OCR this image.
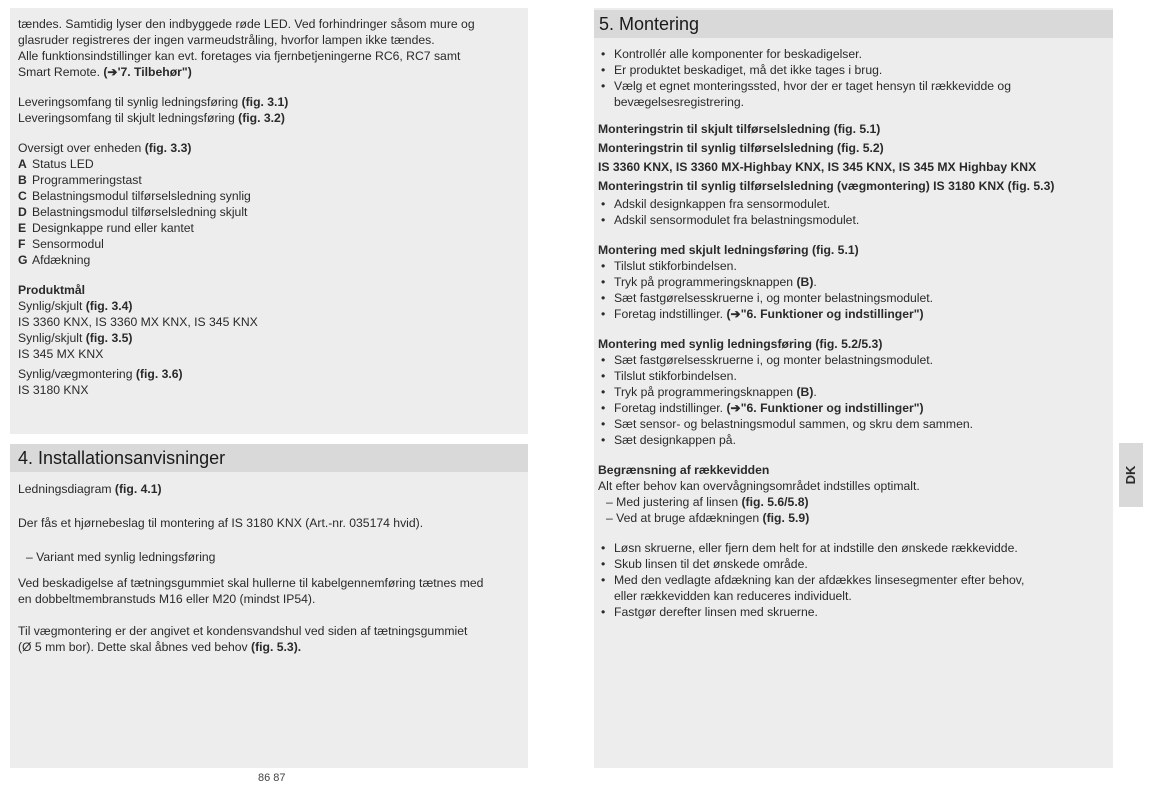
4. Installationsanvisninger

tændes. Samtidig lyser den indbyggede røde LED. Ved forhindringer såsom mure og

glasruder registreres der ingen varmeudstråling, hvorfor lampen ikke tændes.

Alle funktionsindstillinger kan evt. foretages via fjernbetjeningerne RC6, RC7 samt

Smart Remote. (➔'7. Tilbehør")

Leveringsomfang til synlig ledningsføring (fig. 3.1)

Leveringsomfang til skjult ledningsføring (fig. 3.2)

Oversigt over enheden (fig. 3.3)

A Status LED

B Programmeringstast

C Belastningsmodul tilførselsledning synlig

D Belastningsmodul tilførselsledning skjult

E Designkappe rund eller kantet

F Sensormodul

G Afdækning

Produktmål

Synlig/skjult (fig. 3.4)

IS 3360 KNX, IS 3360 MX KNX, IS 345 KNX

Synlig/skjult (fig. 3.5)

IS 345 MX KNX

Synlig/vægmontering (fig. 3.6)

IS 3180 KNX

Ledningsdiagram (fig. 4.1)

Der fås et hjørnebeslag til montering af IS 3180 KNX (Art.-nr. 035174 hvid).

– Variant med synlig ledningsføring

Ved beskadigelse af tætningsgummiet skal hullerne til kabelgennemføring tætnes med

en dobbeltmembranstuds M16 eller M20 (mindst IP54).

Til vægmontering er der angivet et kondensvandshul ved siden af tætningsgummiet

(Ø 5 mm bor). Dette skal åbnes ved behov (fig. 5.3).

86 87
5. Montering
• Kontrollér alle komponenter for beskadigelser.
• Er produktet beskadiget, må det ikke tages i brug.
• Vælg et egnet monteringssted, hvor der er taget hensyn til rækkevidde og
bevægelsesregistrering.

Monteringstrin til skjult tilførselsledning (fig. 5.1)

Monteringstrin til synlig tilførselsledning (fig. 5.2)

IS 3360 KNX, IS 3360 MX-Highbay KNX, IS 345 KNX, IS 345 MX Highbay KNX

Monteringstrin til synlig tilførselsledning (vægmontering) IS 3180 KNX (fig. 5.3)

• Adskil designkappen fra sensormodulet.
• Adskil sensormodulet fra belastningsmodulet.

Montering med skjult ledningsføring (fig. 5.1)

• Tilslut stikforbindelsen.
• Tryk på programmeringsknappen (B).
• Sæt fastgørelsesskruerne i, og monter belastningsmodulet.
• Foretag indstillinger. (➔"6. Funktioner og indstillinger")

Montering med synlig ledningsføring (fig. 5.2/5.3)

• Sæt fastgørelsesskruerne i, og monter belastningsmodulet.
• Tilslut stikforbindelsen.
• Tryk på programmeringsknappen (B).
• Foretag indstillinger. (➔"6. Funktioner og indstillinger")
• Sæt sensor- og belastningsmodul sammen, og skru dem sammen.
• Sæt designkappen på.

Begrænsning af rækkevidden

Alt efter behov kan overvågningsområdet indstilles optimalt.

– Med justering af linsen (fig. 5.6/5.8)

– Ved at bruge afdækningen (fig. 5.9)

• Løsn skruerne, eller fjern dem helt for at indstille den ønskede rækkevidde.
• Skub linsen til det ønskede område.
• Med den vedlagte afdækning kan der afdækkes linsesegmenter efter behov,
eller rækkevidden kan reduceres individuelt.
• Fastgør derefter linsen med skruerne.
DK
